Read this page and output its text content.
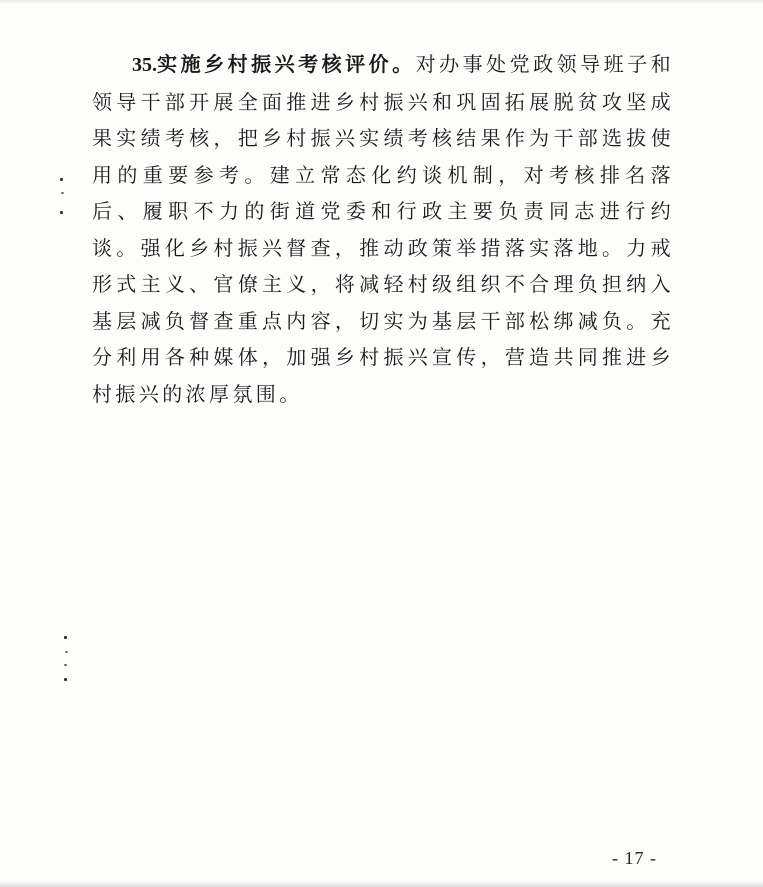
35.实施乡村振兴考核评价。对办事处党政领导班子和领导干部开展全面推进乡村振兴和巩固拓展脱贫攻坚成果实绩考核，把乡村振兴实绩考核结果作为干部选拔使用的重要参考。建立常态化约谈机制，对考核排名落后、履职不力的街道党委和行政主要负责同志进行约谈。强化乡村振兴督查，推动政策举措落实落地。力戒形式主义、官僚主义，将减轻村级组织不合理负担纳入基层减负督查重点内容，切实为基层干部松绑减负。充分利用各种媒体，加强乡村振兴宣传，营造共同推进乡村振兴的浓厚氛围。

- 17 -
